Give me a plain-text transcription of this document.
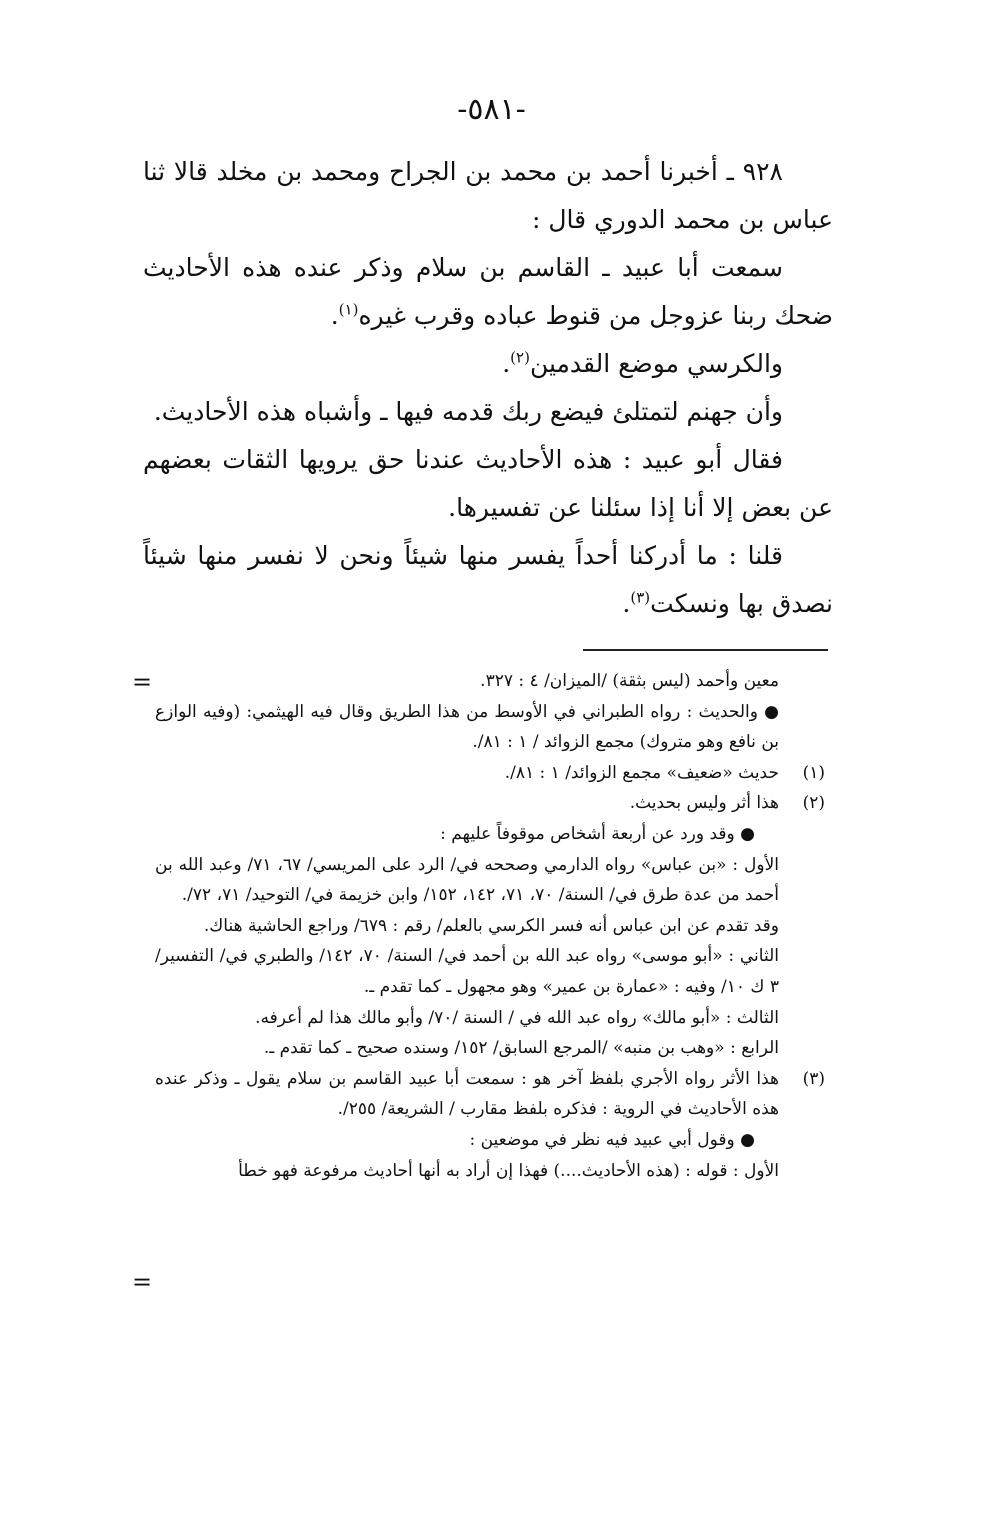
-٥٨١-

٩٢٨ ـ أخبرنا أحمد بن محمد بن الجراح ومحمد بن مخلد قالا ثنا عباس بن محمد الدوري قال :

سمعت أبا عبيد ـ القاسم بن سلام وذكر عنده هذه الأحاديث ضحك ربنا عزوجل من قنوط عباده وقرب غيره$^{(١)}$.

والكرسي موضع القدمين$^{(٢)}$.

وأن جهنم لتمتلئ فيضع ربك قدمه فيها ـ وأشباه هذه الأحاديث.

فقال أبو عبيد : هذه الأحاديث عندنا حق يرويها الثقات بعضهم عن بعض إلا أنا إذا سئلنا عن تفسيرها.

قلنا : ما أدركنا أحداً يفسر منها شيئاً ونحن لا نفسر منها شيئاً نصدق بها ونسكت$^{(٣)}$.

=	معين وأحمد (ليس بثقة) /الميزان/ ٤ : ٣٢٧.

● والحديث : رواه الطبراني في الأوسط من هذا الطريق وقال فيه الهيثمي: (وفيه الوازع بن نافع وهو متروك) مجمع الزوائد / ١ : ٨١/.

(١)
حديث «ضعيف» مجمع الزوائد/ ١ : ٨١/.

(٢)
هذا أثر وليس بحديث.

● وقد ورد عن أربعة أشخاص موقوفاً عليهم :

الأول : «بن عباس» رواه الدارمي وصححه في/ الرد على المريسي/ ٦٧، ٧١/ وعبد الله بن أحمد من عدة طرق في/ السنة/ ٧٠، ٧١، ١٤٢، ١٥٢/ وابن خزيمة في/ التوحيد/ ٧١، ٧٢/.

وقد تقدم عن ابن عباس أنه فسر الكرسي بالعلم/ رقم : ٦٧٩/ وراجع الحاشية هناك.

الثاني : «أبو موسى» رواه عبد الله بن أحمد في/ السنة/ ٧٠، ١٤٢/ والطبري في/ التفسير/ ٣ ك ١٠/ وفيه : «عمارة بن عمير» وهو مجهول ـ كما تقدم ـ.

الثالث : «أبو مالك» رواه عبد الله في / السنة /٧٠/ وأبو مالك هذا لم أعرفه.

الرابع : «وهب بن منبه» /المرجع السابق/ ١٥٢/ وسنده صحيح ـ كما تقدم ـ.

(٣)
هذا الأثر رواه الأجري بلفظ آخر هو : سمعت أبا عبيد القاسم بن سلام يقول ـ وذكر عنده هذه الأحاديث في الروية : فذكره بلفظ مقارب / الشريعة/ ٢٥٥/.

● وقول أبي عبيد فيه نظر في موضعين :

الأول : قوله : (هذه الأحاديث....) فهذا إن أراد به أنها أحاديث مرفوعة فهو خطأ

=
